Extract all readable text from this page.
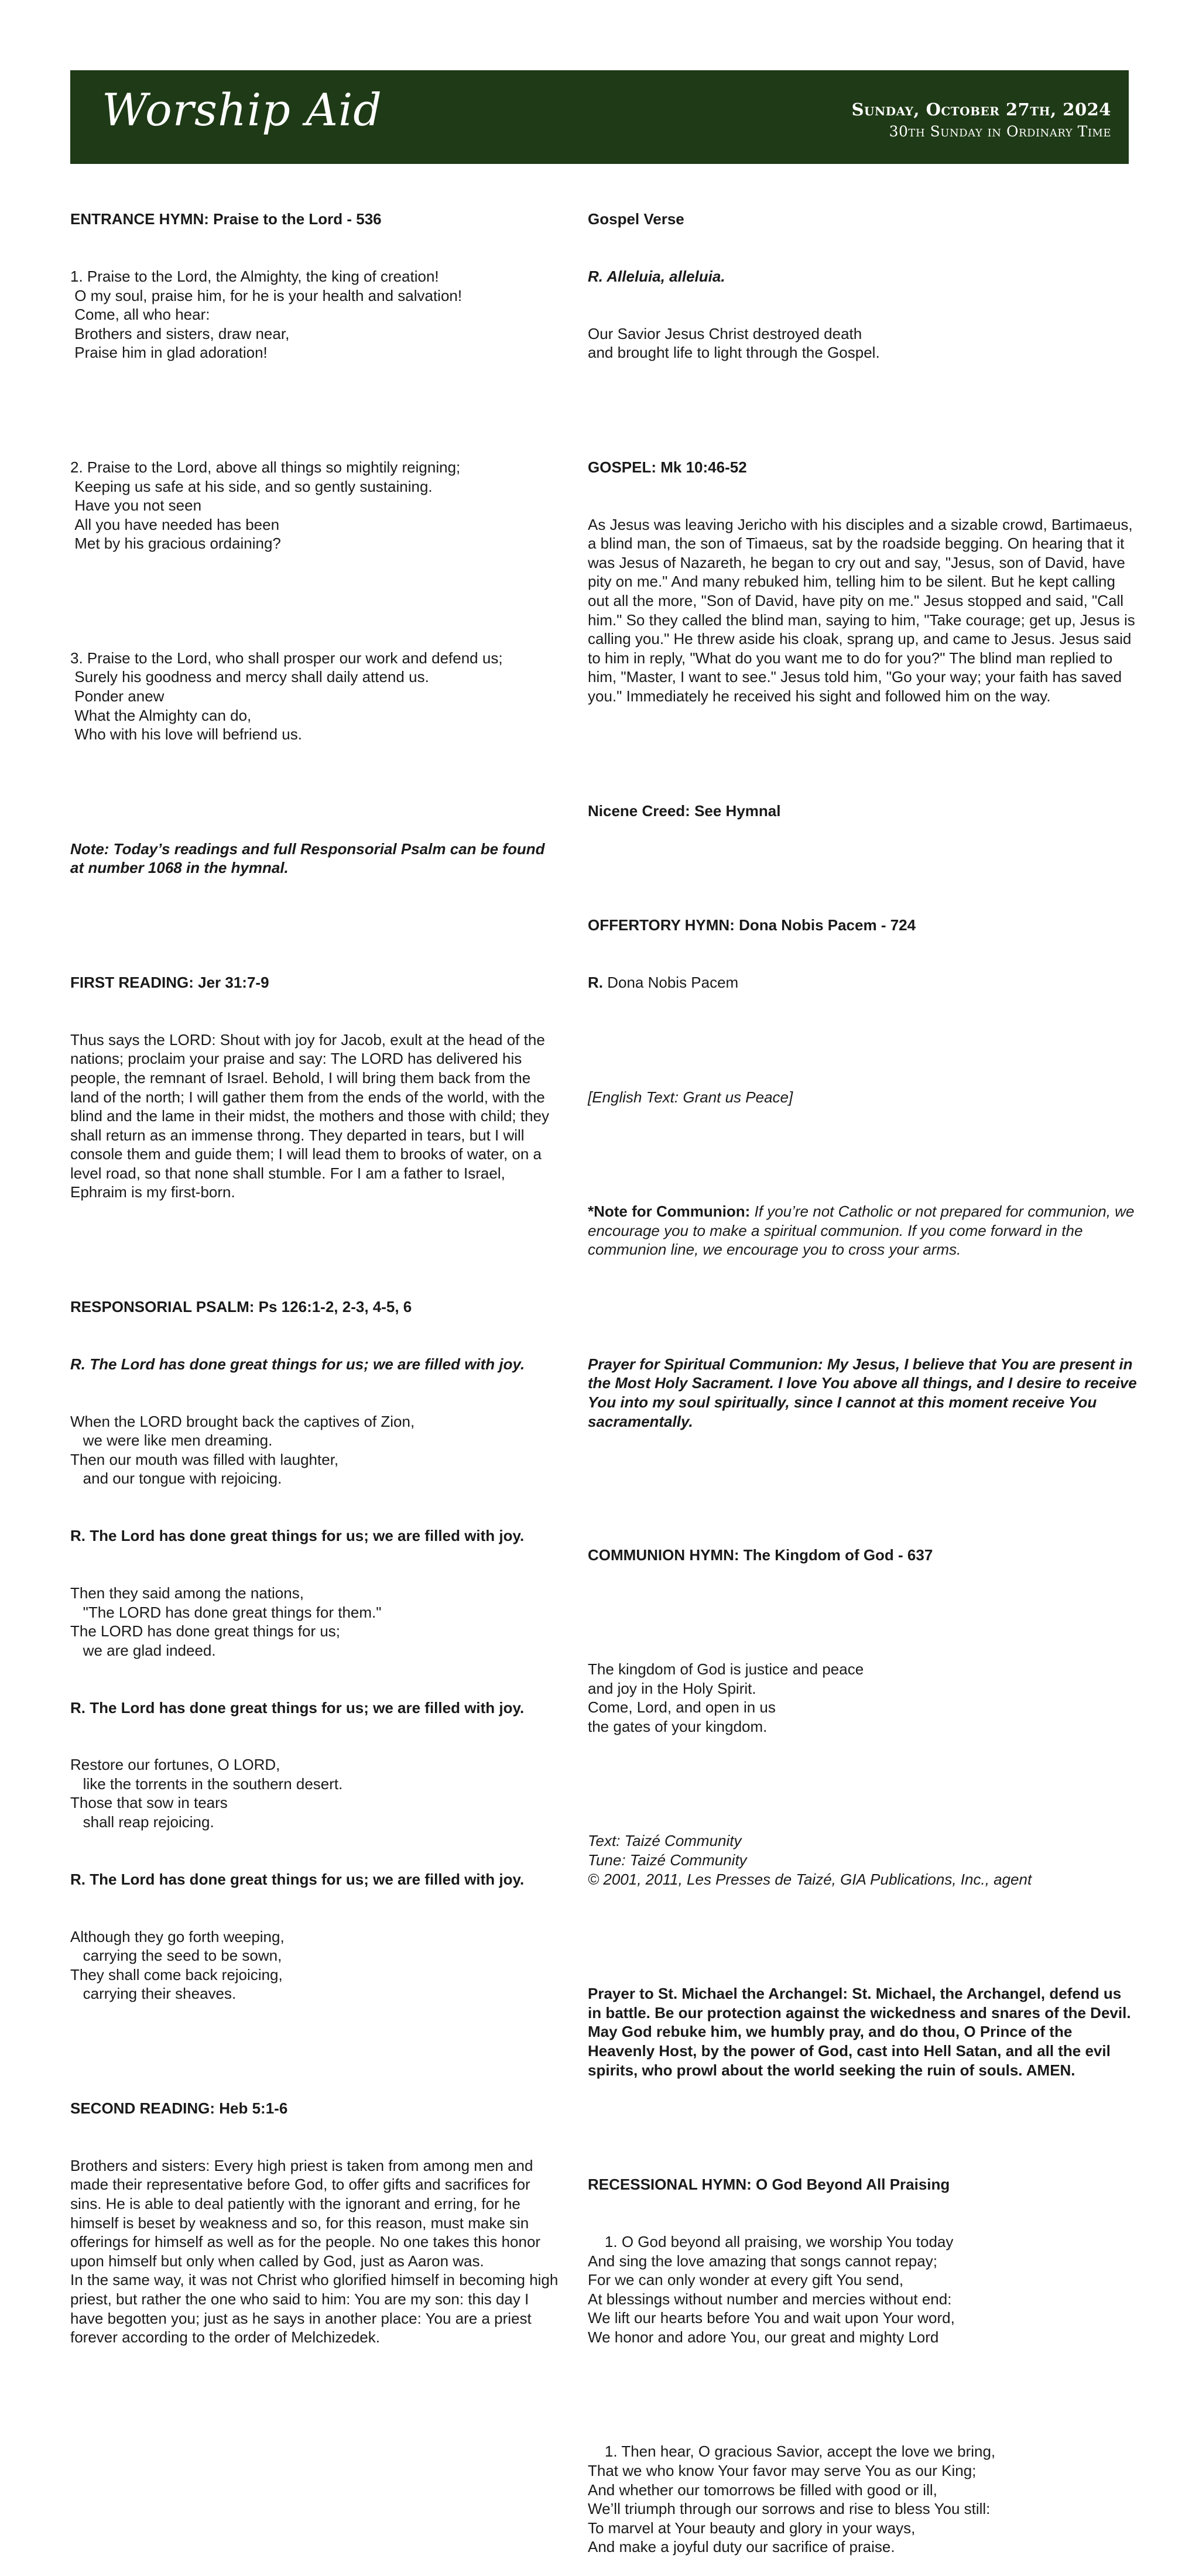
Worship Aid	Sunday, October 27th, 2024
30th Sunday in Ordinary Time

ENTRANCE HYMN: Praise to the Lord - 536

1. Praise to the Lord, the Almighty, the king of creation!
O my soul, praise him, for he is your health and salvation!
Come, all who hear:
Brothers and sisters, draw near,
Praise him in glad adoration!

2. Praise to the Lord, above all things so mightily reigning;
Keeping us safe at his side, and so gently sustaining.
Have you not seen
All you have needed has been
Met by his gracious ordaining?

3. Praise to the Lord, who shall prosper our work and defend us;
Surely his goodness and mercy shall daily attend us.
Ponder anew
What the Almighty can do,
Who with his love will befriend us.

Note: Today’s readings and full Responsorial Psalm can be found at number 1068 in the hymnal.

FIRST READING: Jer 31:7-9

Thus says the LORD: Shout with joy for Jacob, exult at the head of the nations; proclaim your praise and say: The LORD has delivered his people, the remnant of Israel. Behold, I will bring them back from the land of the north; I will gather them from the ends of the world, with the blind and the lame in their midst, the mothers and those with child; they shall return as an immense throng. They departed in tears, but I will console them and guide them; I will lead them to brooks of water, on a level road, so that none shall stumble. For I am a father to Israel, Ephraim is my first-born.

RESPONSORIAL PSALM: Ps 126:1-2, 2-3, 4-5, 6

R. The Lord has done great things for us; we are filled with joy.

When the LORD brought back the captives of Zion,
we were like men dreaming.
Then our mouth was filled with laughter,
and our tongue with rejoicing.

R. The Lord has done great things for us; we are filled with joy.

Then they said among the nations,
"The LORD has done great things for them."
The LORD has done great things for us;
we are glad indeed.

R. The Lord has done great things for us; we are filled with joy.

Restore our fortunes, O LORD,
like the torrents in the southern desert.
Those that sow in tears
shall reap rejoicing.

R. The Lord has done great things for us; we are filled with joy.

Although they go forth weeping,
carrying the seed to be sown,
They shall come back rejoicing,
carrying their sheaves.

SECOND READING: Heb 5:1-6

Brothers and sisters: Every high priest is taken from among men and made their representative before God, to offer gifts and sacrifices for sins. He is able to deal patiently with the ignorant and erring, for he himself is beset by weakness and so, for this reason, must make sin offerings for himself as well as for the people. No one takes this honor upon himself but only when called by God, just as Aaron was.
In the same way, it was not Christ who glorified himself in becoming high priest, but rather the one who said to him: You are my son: this day I have begotten you; just as he says in another place: You are a priest forever according to the order of Melchizedek.

Gospel Verse

R. Alleluia, alleluia.

Our Savior Jesus Christ destroyed death
and brought life to light through the Gospel.

GOSPEL: Mk 10:46-52

As Jesus was leaving Jericho with his disciples and a sizable crowd, Bartimaeus, a blind man, the son of Timaeus, sat by the roadside begging. On hearing that it was Jesus of Nazareth, he began to cry out and say, "Jesus, son of David, have pity on me." And many rebuked him, telling him to be silent. But he kept calling out all the more, "Son of David, have pity on me." Jesus stopped and said, "Call him." So they called the blind man, saying to him, "Take courage; get up, Jesus is calling you." He threw aside his cloak, sprang up, and came to Jesus. Jesus said to him in reply, "What do you want me to do for you?" The blind man replied to him, "Master, I want to see." Jesus told him, "Go your way; your faith has saved you." Immediately he received his sight and followed him on the way.

Nicene Creed: See Hymnal

OFFERTORY HYMN: Dona Nobis Pacem - 724

R. Dona Nobis Pacem

[English Text: Grant us Peace]

*Note for Communion: If you’re not Catholic or not prepared for communion, we encourage you to make a spiritual communion. If you come forward in the communion line, we encourage you to cross your arms.

Prayer for Spiritual Communion: My Jesus, I believe that You are present in the Most Holy Sacrament. I love You above all things, and I desire to receive You into my soul spiritually, since I cannot at this moment receive You sacramentally.

COMMUNION HYMN: The Kingdom of God - 637

The kingdom of God is justice and peace
and joy in the Holy Spirit.
Come, Lord, and open in us
the gates of your kingdom.

Text: Taizé Community
Tune: Taizé Community
© 2001, 2011, Les Presses de Taizé, GIA Publications, Inc., agent

Prayer to St. Michael the Archangel: St. Michael, the Archangel, defend us in battle. Be our protection against the wickedness and snares of the Devil. May God rebuke him, we humbly pray, and do thou, O Prince of the Heavenly Host, by the power of God, cast into Hell Satan, and all the evil spirits, who prowl about the world seeking the ruin of souls. AMEN.

RECESSIONAL HYMN: O God Beyond All Praising

1. O God beyond all praising, we worship You today
And sing the love amazing that songs cannot repay;
For we can only wonder at every gift You send,
At blessings without number and mercies without end:
We lift our hearts before You and wait upon Your word,
We honor and adore You, our great and mighty Lord

1. Then hear, O gracious Savior, accept the love we bring,
That we who know Your favor may serve You as our King;
And whether our tomorrows be filled with good or ill,
We’ll triumph through our sorrows and rise to bless You still:
To marvel at Your beauty and glory in your ways,
And make a joyful duty our sacrifice of praise.
